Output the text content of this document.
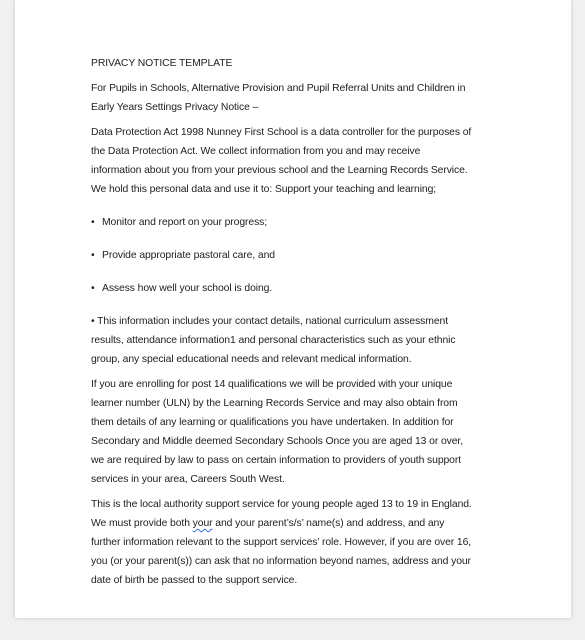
PRIVACY NOTICE TEMPLATE
For Pupils in Schools, Alternative Provision and Pupil Referral Units and Children in
Early Years Settings Privacy Notice –
Data Protection Act 1998 Nunney First School is a data controller for the purposes of
the Data Protection Act. We collect information from you and may receive
information about you from your previous school and the Learning Records Service.
We hold this personal data and use it to: Support your teaching and learning;
• Monitor and report on your progress;
• Provide appropriate pastoral care, and
• Assess how well your school is doing.
• This information includes your contact details, national curriculum assessment
results, attendance information1 and personal characteristics such as your ethnic
group, any special educational needs and relevant medical information.
If you are enrolling for post 14 qualifications we will be provided with your unique
learner number (ULN) by the Learning Records Service and may also obtain from
them details of any learning or qualifications you have undertaken. In addition for
Secondary and Middle deemed Secondary Schools Once you are aged 13 or over,
we are required by law to pass on certain information to providers of youth support
services in your area, Careers South West.
This is the local authority support service for young people aged 13 to 19 in England.
We must provide both your and your parent’s/s’ name(s) and address, and any
further information relevant to the support services’ role. However, if you are over 16,
you (or your parent(s)) can ask that no information beyond names, address and your
date of birth be passed to the support service.
